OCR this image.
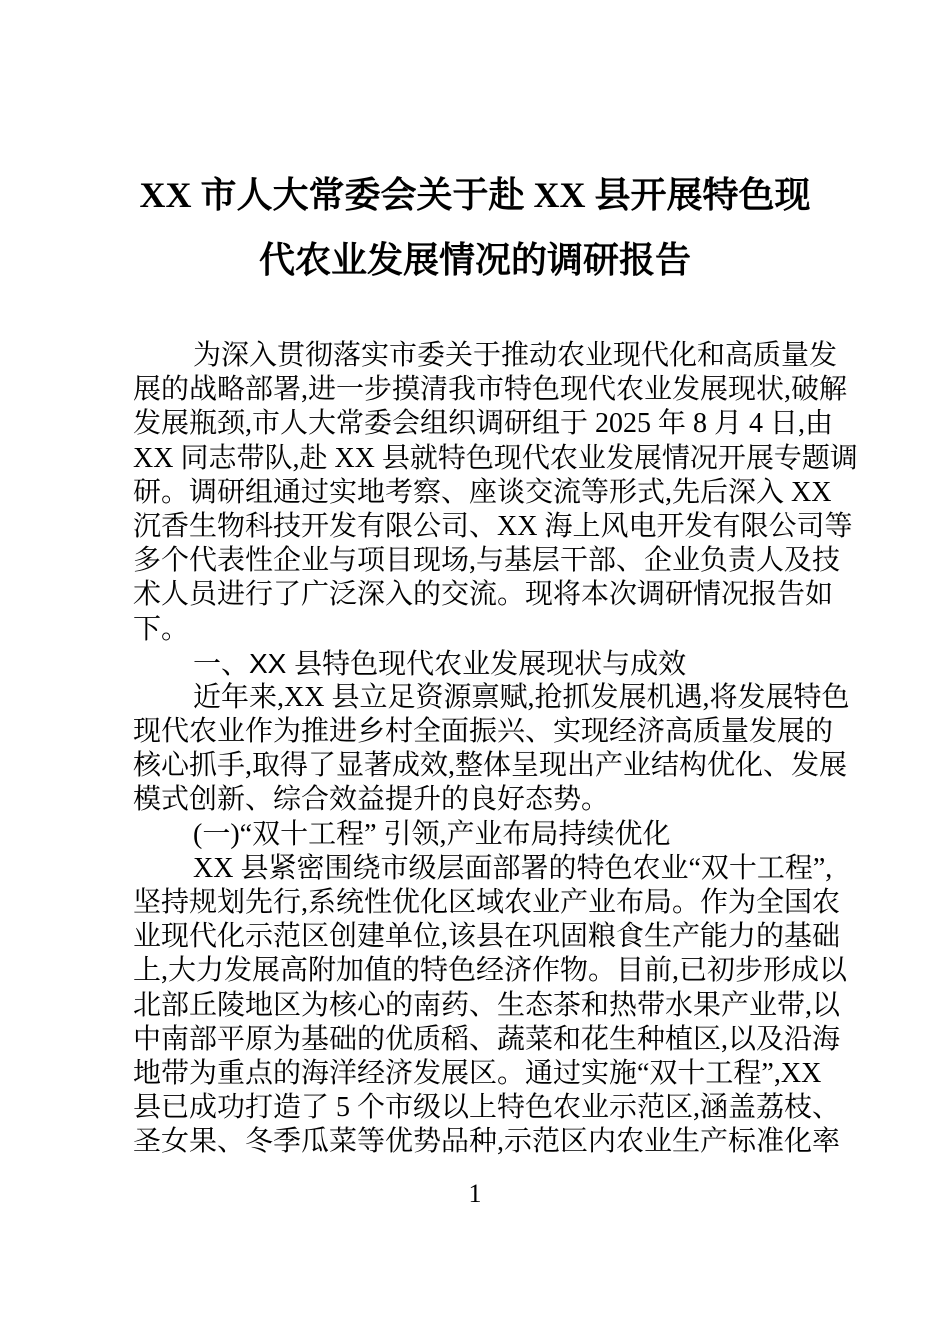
XX 市人大常委会关于赴 XX 县开展特色现
代农业发展情况的调研报告
为深入贯彻落实市委关于推动农业现代化和高质量发
展的战略部署,进一步摸清我市特色现代农业发展现状,破解
发展瓶颈,市人大常委会组织调研组于 2025 年 8 月 4 日,由
XX 同志带队,赴 XX 县就特色现代农业发展情况开展专题调
研。调研组通过实地考察、座谈交流等形式,先后深入 XX
沉香生物科技开发有限公司、XX 海上风电开发有限公司等
多个代表性企业与项目现场,与基层干部、企业负责人及技
术人员进行了广泛深入的交流。现将本次调研情况报告如
下。
一、XX 县特色现代农业发展现状与成效
近年来,XX 县立足资源禀赋,抢抓发展机遇,将发展特色
现代农业作为推进乡村全面振兴、实现经济高质量发展的
核心抓手,取得了显著成效,整体呈现出产业结构优化、发展
模式创新、综合效益提升的良好态势。
(一)“双十工程” 引领,产业布局持续优化
XX 县紧密围绕市级层面部署的特色农业“双十工程”,
坚持规划先行,系统性优化区域农业产业布局。作为全国农
业现代化示范区创建单位,该县在巩固粮食生产能力的基础
上,大力发展高附加值的特色经济作物。目前,已初步形成以
北部丘陵地区为核心的南药、生态茶和热带水果产业带,以
中南部平原为基础的优质稻、蔬菜和花生种植区,以及沿海
地带为重点的海洋经济发展区。通过实施“双十工程”,XX
县已成功打造了 5 个市级以上特色农业示范区,涵盖荔枝、
圣女果、冬季瓜菜等优势品种,示范区内农业生产标准化率
1
